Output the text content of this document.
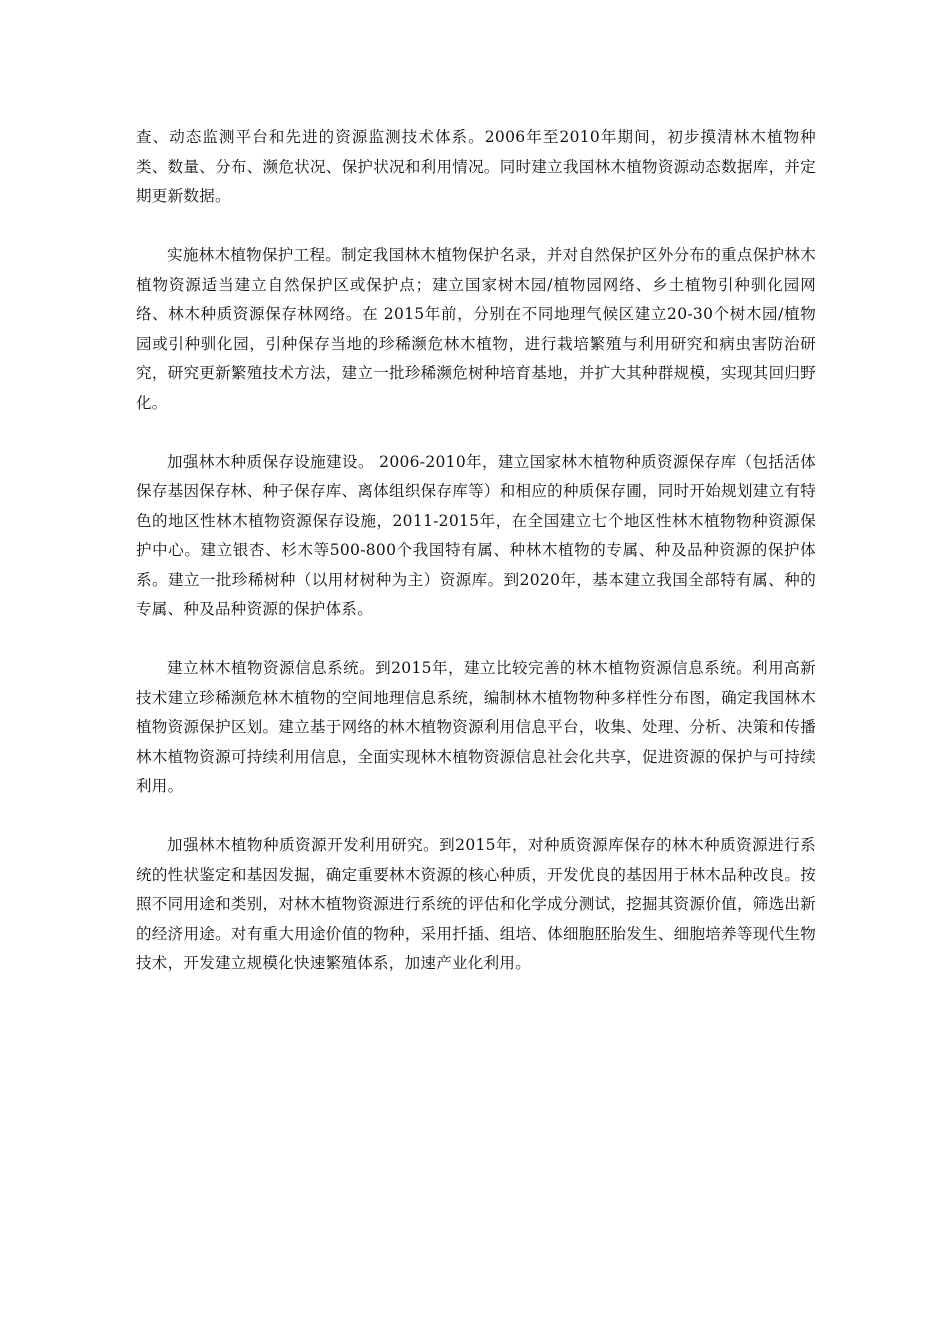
查、动态监测平台和先进的资源监测技术体系。2006年至2010年期间，初步摸清林木植物种类、数量、分布、濒危状况、保护状况和利用情况。同时建立我国林木植物资源动态数据库，并定期更新数据。

实施林木植物保护工程。制定我国林木植物保护名录，并对自然保护区外分布的重点保护林木植物资源适当建立自然保护区或保护点；建立国家树木园/植物园网络、乡土植物引种驯化园网络、林木种质资源保存林网络。在 2015年前，分别在不同地理气候区建立20-30个树木园/植物园或引种驯化园，引种保存当地的珍稀濒危林木植物，进行栽培繁殖与利用研究和病虫害防治研究，研究更新繁殖技术方法，建立一批珍稀濒危树种培育基地，并扩大其种群规模，实现其回归野化。

加强林木种质保存设施建设。 2006-2010年，建立国家林木植物种质资源保存库（包括活体保存基因保存林、种子保存库、离体组织保存库等）和相应的种质保存圃，同时开始规划建立有特色的地区性林木植物资源保存设施，2011-2015年，在全国建立七个地区性林木植物物种资源保护中心。建立银杏、杉木等500-800个我国特有属、种林木植物的专属、种及品种资源的保护体系。建立一批珍稀树种（以用材树种为主）资源库。到2020年，基本建立我国全部特有属、种的专属、种及品种资源的保护体系。

建立林木植物资源信息系统。到2015年，建立比较完善的林木植物资源信息系统。利用高新技术建立珍稀濒危林木植物的空间地理信息系统，编制林木植物物种多样性分布图，确定我国林木植物资源保护区划。建立基于网络的林木植物资源利用信息平台，收集、处理、分析、决策和传播林木植物资源可持续利用信息，全面实现林木植物资源信息社会化共享，促进资源的保护与可持续利用。

加强林木植物种质资源开发利用研究。到2015年，对种质资源库保存的林木种质资源进行系统的性状鉴定和基因发掘，确定重要林木资源的核心种质，开发优良的基因用于林木品种改良。按照不同用途和类别，对林木植物资源进行系统的评估和化学成分测试，挖掘其资源价值，筛选出新的经济用途。对有重大用途价值的物种，采用扦插、组培、体细胞胚胎发生、细胞培养等现代生物技术，开发建立规模化快速繁殖体系，加速产业化利用。
